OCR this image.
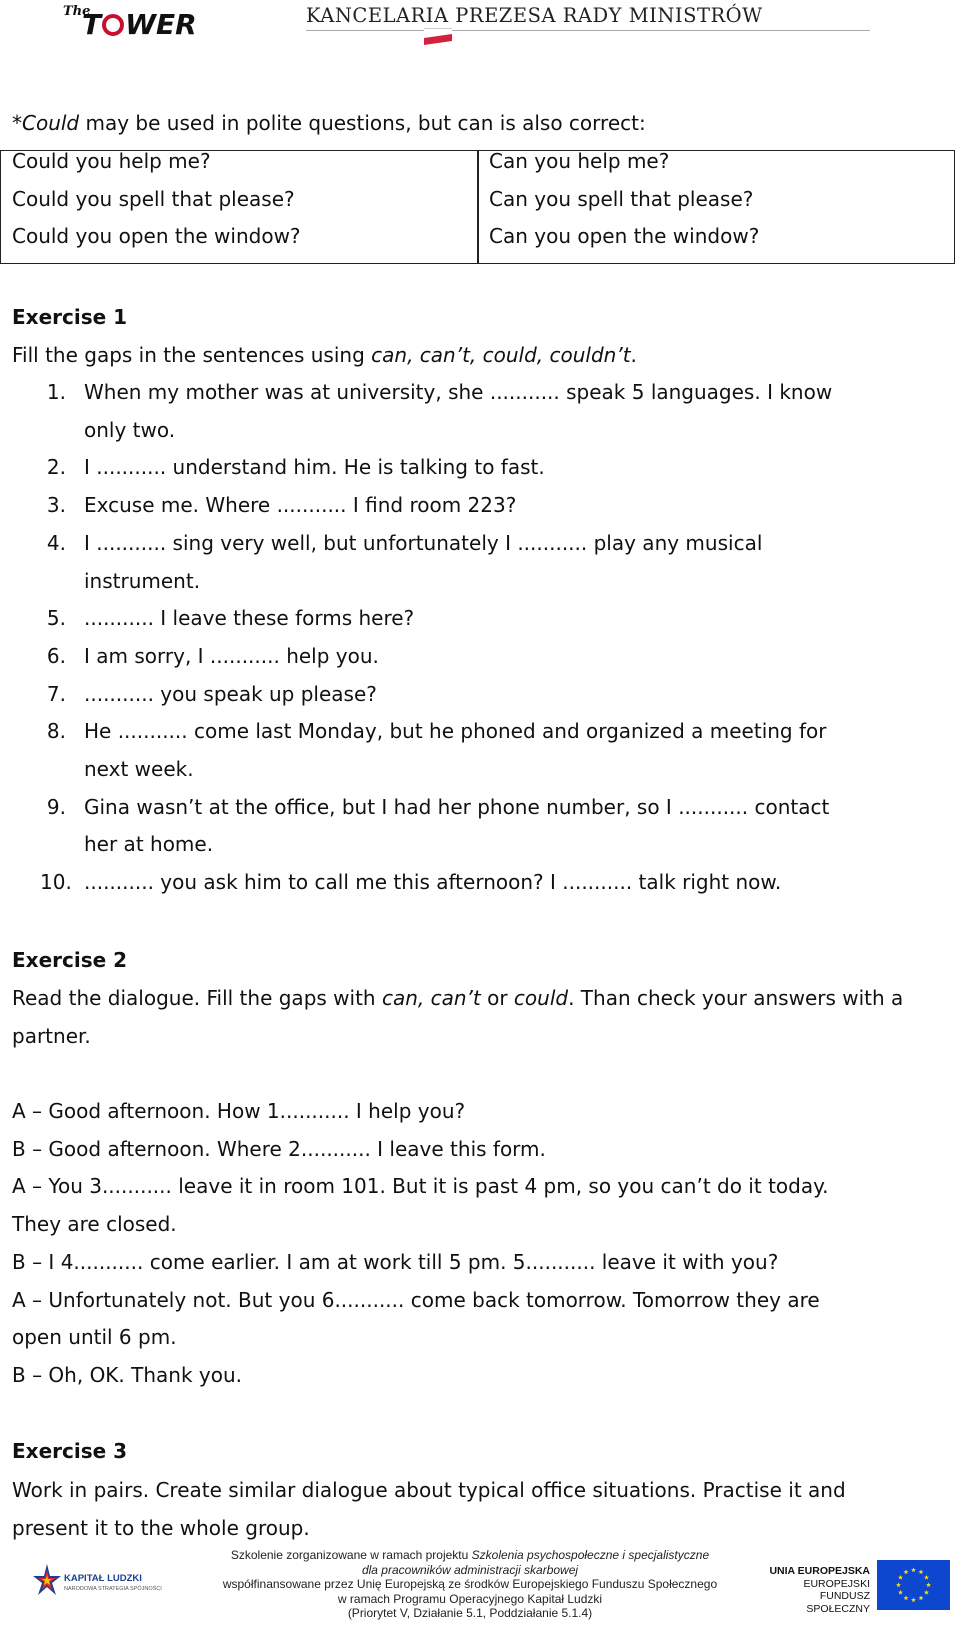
The
T WER	KANCELARIA PREZESA RADY MINISTRÓW
*Could may be used in polite questions, but can is also correct:
Could you help me?
Could you spell that please?
Could you open the window?
Can you help me?
Can you spell that please?
Can you open the window?
Exercise 1
Fill the gaps in the sentences using can, can’t, could, couldn’t.
1. When my mother was at university, she ........... speak 5 languages. I know
only two.
2. I ........... understand him. He is talking to fast.
3. Excuse me. Where ........... I find room 223?
4. I ........... sing very well, but unfortunately I ........... play any musical
instrument.
5. ........... I leave these forms here?
6. I am sorry, I ........... help you.
7. ........... you speak up please?
8. He ........... come last Monday, but he phoned and organized a meeting for
next week.
9. Gina wasn’t at the office, but I had her phone number, so I ........... contact
her at home.
10. ........... you ask him to call me this afternoon? I ........... talk right now.
Exercise 2
Read the dialogue. Fill the gaps with can, can’t or could. Than check your answers with a
partner.
A – Good afternoon. How 1........... I help you?
B – Good afternoon. Where 2........... I leave this form.
A – You 3........... leave it in room 101. But it is past 4 pm, so you can’t do it today.
They are closed.
B – I 4........... come earlier. I am at work till 5 pm. 5........... leave it with you?
A – Unfortunately not. But you 6........... come back tomorrow. Tomorrow they are
open until 6 pm.
B – Oh, OK. Thank you.
Exercise 3
Work in pairs. Create similar dialogue about typical office situations. Practise it and
present it to the whole group.
KAPITAŁ LUDZKI
NARODOWA STRATEGIA SPÓJNOŚCI
Szkolenie zorganizowane w ramach projektu Szkolenia psychospołeczne i specjalistyczne
dla pracowników administracji skarbowej
współfinansowane przez Unię Europejską ze środków Europejskiego Funduszu Społecznego
w ramach Programu Operacyjnego Kapitał Ludzki
(Priorytet V, Działanie 5.1, Poddziałanie 5.1.4)
UNIA EUROPEJSKA
EUROPEJSKI
FUNDUSZ SPOŁECZNY
